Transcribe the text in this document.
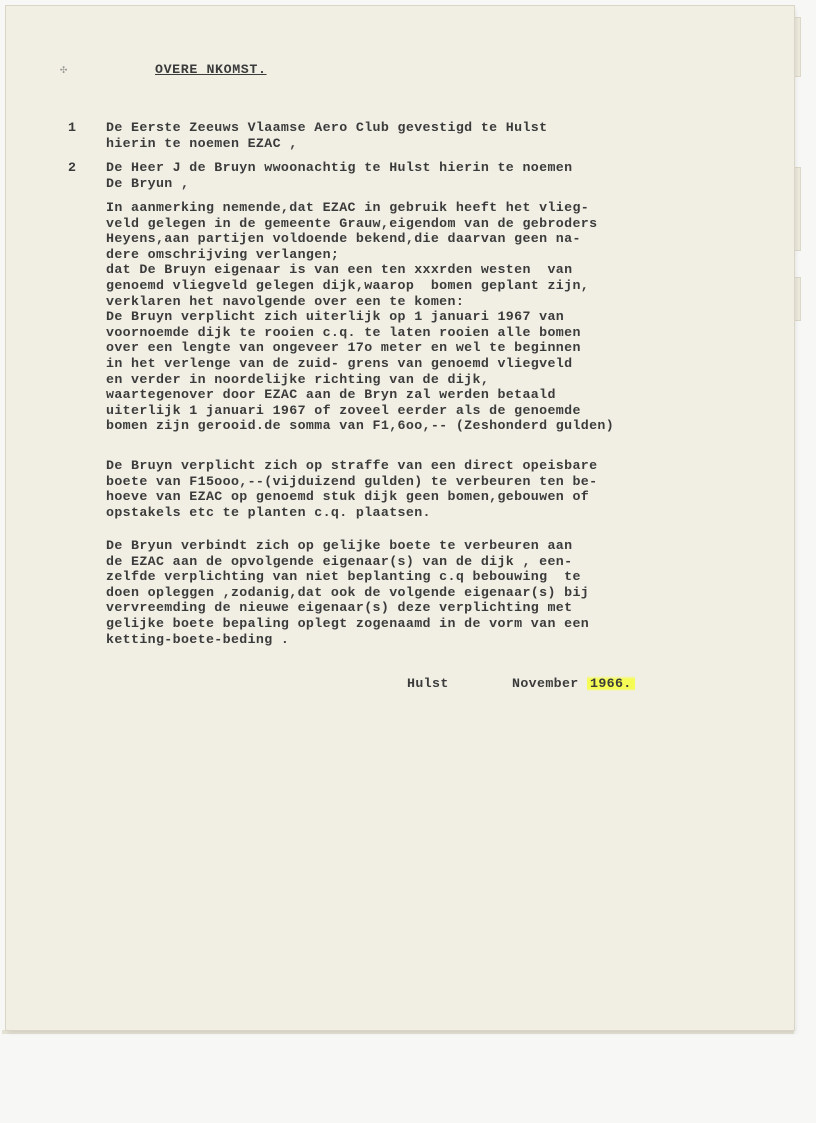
✣	OVERE NKOMST.
1 De Eerste Zeeuws Vlaamse Aero Club gevestigd te Hulst
hierin te noemen EZAC ,
2 De Heer J de Bruyn wwoonachtig te Hulst hierin te noemen
De Bryun ,
In aanmerking nemende,dat EZAC in gebruik heeft het vlieg-
veld gelegen in de gemeente Grauw,eigendom van de gebroders
Heyens,aan partijen voldoende bekend,die daarvan geen na-
dere omschrijving verlangen;
dat De Bruyn eigenaar is van een ten xxxrden westen  van
genoemd vliegveld gelegen dijk,waarop  bomen geplant zijn,
verklaren het navolgende over een te komen:
De Bruyn verplicht zich uiterlijk op 1 januari 1967 van
voornoemde dijk te rooien c.q. te laten rooien alle bomen
over een lengte van ongeveer 17o meter en wel te beginnen
in het verlenge van de zuid- grens van genoemd vliegveld
en verder in noordelijke richting van de dijk,
waartegenover door EZAC aan de Bryn zal werden betaald
uiterlijk 1 januari 1967 of zoveel eerder als de genoemde
bomen zijn gerooid.de somma van F1,6oo,-- (Zeshonderd gulden)
De Bruyn verplicht zich op straffe van een direct opeisbare
boete van F15ooo,--(vijduizend gulden) te verbeuren ten be-
hoeve van EZAC op genoemd stuk dijk geen bomen,gebouwen of
opstakels etc te planten c.q. plaatsen.
De Bryun verbindt zich op gelijke boete te verbeuren aan
de EZAC aan de opvolgende eigenaar(s) van de dijk , een-
zelfde verplichting van niet beplanting c.q bebouwing  te
doen opleggen ,zodanig,dat ook de volgende eigenaar(s) bij
vervreemding de nieuwe eigenaar(s) deze verplichting met
gelijke boete bepaling oplegt zogenaamd in de vorm van een
ketting-boete-beding .
Hulst	November 1966.
